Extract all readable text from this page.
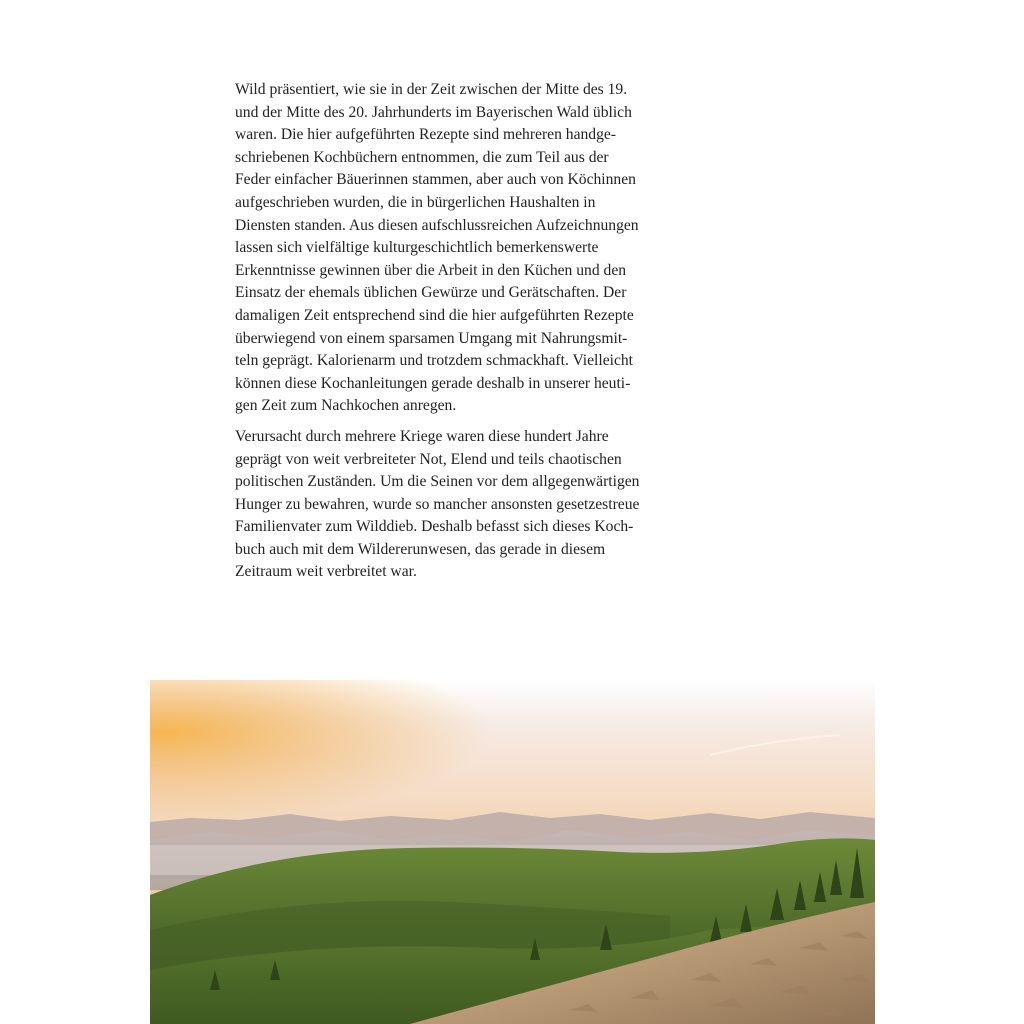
Wild präsentiert, wie sie in der Zeit zwischen der Mitte des 19.
und der Mitte des 20. Jahrhunderts im Bayerischen Wald üblich
waren. Die hier aufgeführten Rezepte sind mehreren handge-
schriebenen Kochbüchern entnommen, die zum Teil aus der
Feder einfacher Bäuerinnen stammen, aber auch von Köchinnen
aufgeschrieben wurden, die in bürgerlichen Haushalten in
Diensten standen. Aus diesen aufschlussreichen Aufzeichnungen
lassen sich vielfältige kulturgeschichtlich bemerkenswerte
Erkenntnisse gewinnen über die Arbeit in den Küchen und den
Einsatz der ehemals üblichen Gewürze und Gerätschaften. Der
damaligen Zeit entsprechend sind die hier aufgeführten Rezepte
überwiegend von einem sparsamen Umgang mit Nahrungsmit-
teln geprägt. Kalorienarm und trotzdem schmackhaft. Vielleicht
können diese Kochanleitungen gerade deshalb in unserer heuti-
gen Zeit zum Nachkochen anregen.

Verursacht durch mehrere Kriege waren diese hundert Jahre
geprägt von weit verbreiteter Not, Elend und teils chaotischen
politischen Zuständen. Um die Seinen vor dem allgegenwärtigen
Hunger zu bewahren, wurde so mancher ansonsten gesetzestreue
Familienvater zum Wilddieb. Deshalb befasst sich dieses Koch-
buch auch mit dem Wildererunwesen, das gerade in diesem
Zeitraum weit verbreitet war.
